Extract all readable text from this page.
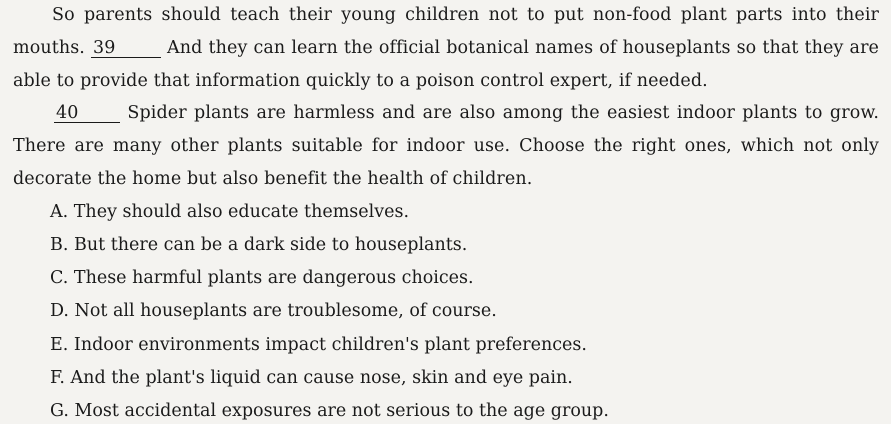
So parents should teach their young children not to put non-food plant parts into their
mouths. 39	And they can learn the official botanical names of houseplants so that they are
able to provide that information quickly to a poison control expert, if needed.
40	Spider plants are harmless and are also among the easiest indoor plants to grow.
There are many other plants suitable for indoor use. Choose the right ones, which not only
decorate the home but also benefit the health of children.
A. They should also educate themselves.
B. But there can be a dark side to houseplants.
C. These harmful plants are dangerous choices.
D. Not all houseplants are troublesome, of course.
E. Indoor environments impact children's plant preferences.
F. And the plant's liquid can cause nose, skin and eye pain.
G. Most accidental exposures are not serious to the age group.
